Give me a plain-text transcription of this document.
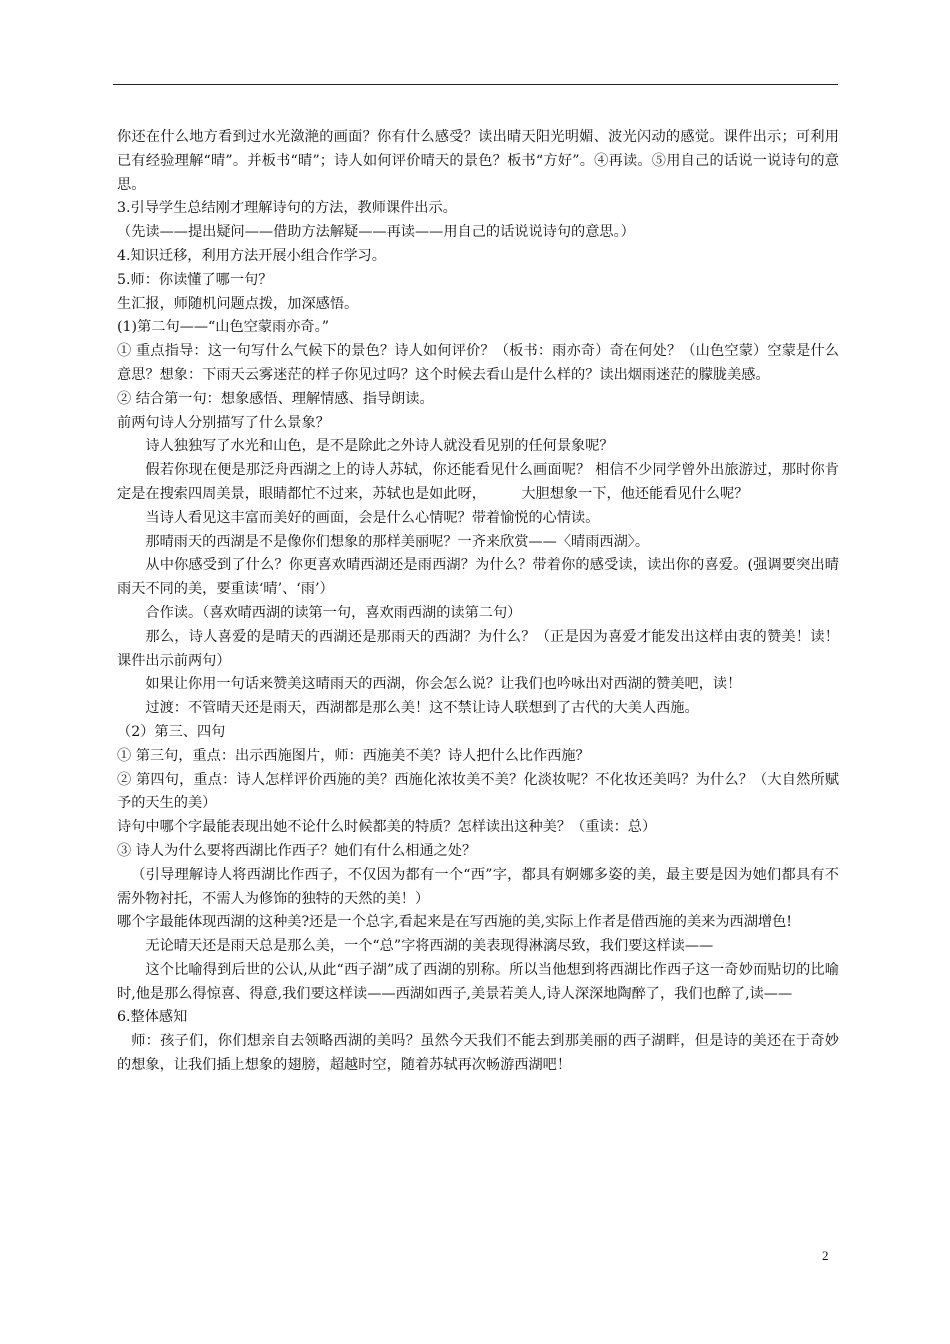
你还在什么地方看到过水光潋滟的画面？你有什么感受？读出晴天阳光明媚、波光闪动的感觉。课件出示；可利用已有经验理解“晴”。并板书“晴”；诗人如何评价晴天的景色？板书“方好”。④再读。⑤用自己的话说一说诗句的意思。

3.引导学生总结刚才理解诗句的方法，教师课件出示。

（先读——提出疑问——借助方法解疑——再读——用自己的话说说诗句的意思。）

4.知识迁移，利用方法开展小组合作学习。

5.师：你读懂了哪一句？

生汇报，师随机问题点拨，加深感悟。

(1)第二句——“山色空蒙雨亦奇。”

① 重点指导：这一句写什么气候下的景色？诗人如何评价？（板书：雨亦奇）奇在何处？（山色空蒙）空蒙是什么意思？想象：下雨天云雾迷茫的样子你见过吗？这个时候去看山是什么样的？读出烟雨迷茫的朦胧美感。

② 结合第一句：想象感悟、理解情感、指导朗读。

前两句诗人分别描写了什么景象？

诗人独独写了水光和山色，是不是除此之外诗人就没看见别的任何景象呢？

假若你现在便是那泛舟西湖之上的诗人苏轼，你还能看见什么画面呢？ 相信不少同学曾外出旅游过，那时你肯定是在搜索四周美景，眼睛都忙不过来，苏轼也是如此呀，　　　大胆想象一下，他还能看见什么呢？

当诗人看见这丰富而美好的画面，会是什么心情呢？带着愉悦的心情读。

那晴雨天的西湖是不是像你们想象的那样美丽呢？一齐来欣赏——〈晴雨西湖〉。

从中你感受到了什么？你更喜欢晴西湖还是雨西湖？为什么？带着你的感受读，读出你的喜爱。(强调要突出晴雨天不同的美，要重读‘晴’、‘雨’）

合作读。（喜欢晴西湖的读第一句，喜欢雨西湖的读第二句）

那么，诗人喜爱的是晴天的西湖还是那雨天的西湖？为什么？（正是因为喜爱才能发出这样由衷的赞美！读！课件出示前两句）

如果让你用一句话来赞美这晴雨天的西湖，你会怎么说？让我们也吟咏出对西湖的赞美吧，读！

过渡：不管晴天还是雨天，西湖都是那么美！这不禁让诗人联想到了古代的大美人西施。

（2）第三、四句

① 第三句，重点：出示西施图片，师：西施美不美？诗人把什么比作西施？

② 第四句，重点：诗人怎样评价西施的美？西施化浓妆美不美？化淡妆呢？不化妆还美吗？为什么？（大自然所赋予的天生的美）

诗句中哪个字最能表现出她不论什么时候都美的特质？怎样读出这种美？（重读：总）

③ 诗人为什么要将西湖比作西子？她们有什么相通之处？

（引导理解诗人将西湖比作西子，不仅因为都有一个“西”字，都具有婀娜多姿的美，最主要是因为她们都具有不需外物衬托，不需人为修饰的独特的天然的美！）

哪个字最能体现西湖的这种美?还是一个总字,看起来是在写西施的美,实际上作者是借西施的美来为西湖增色!

无论晴天还是雨天总是那么美，一个“总”字将西湖的美表现得淋漓尽致，我们要这样读——

这个比喻得到后世的公认,从此“西子湖”成了西湖的别称。所以当他想到将西湖比作西子这一奇妙而贴切的比喻时,他是那么得惊喜、得意,我们要这样读——西湖如西子,美景若美人,诗人深深地陶醉了，我们也醉了,读——

6.整体感知

师：孩子们，你们想亲自去领略西湖的美吗？虽然今天我们不能去到那美丽的西子湖畔，但是诗的美还在于奇妙的想象，让我们插上想象的翅膀，超越时空，随着苏轼再次畅游西湖吧！

2
